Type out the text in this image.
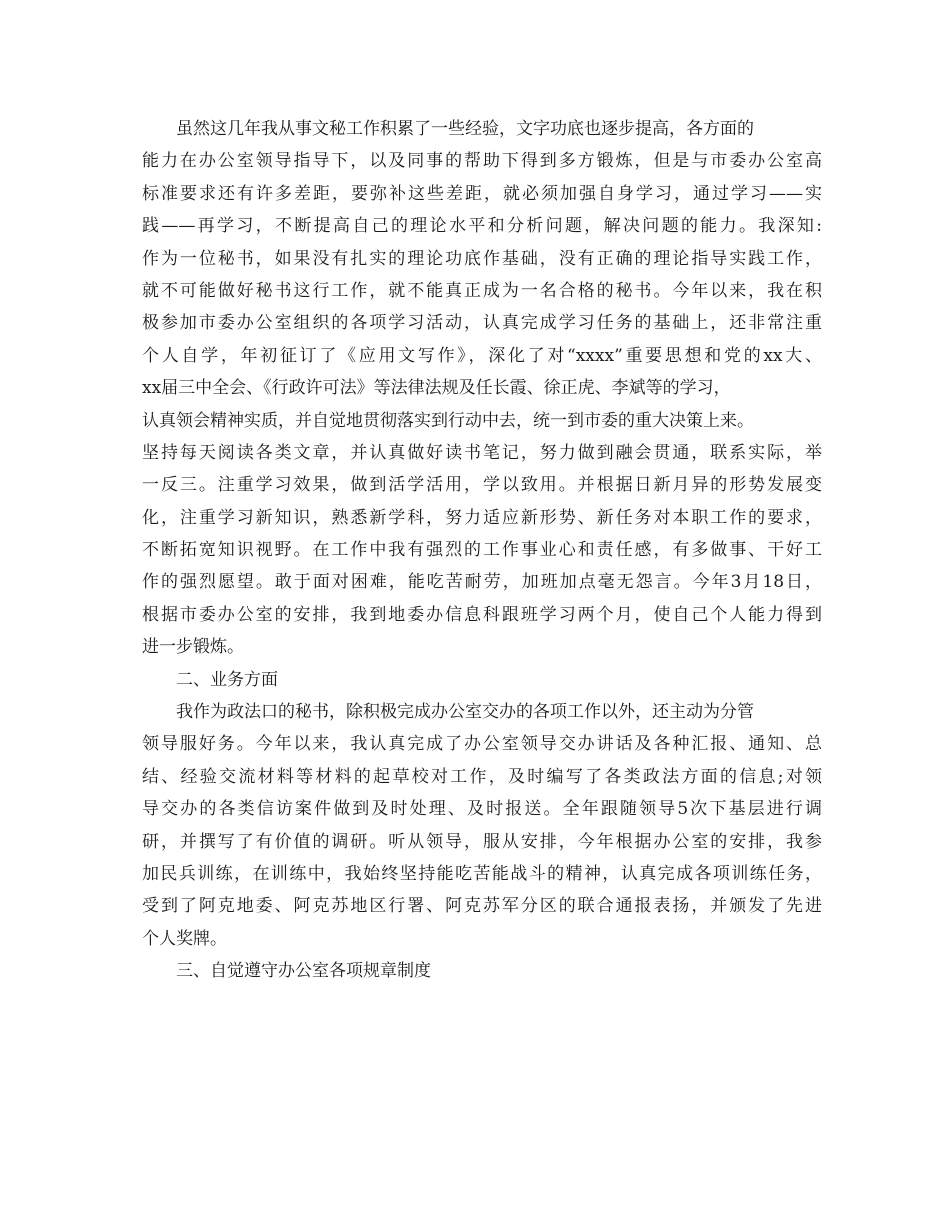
虽然这几年我从事文秘工作积累了一些经验，文字功底也逐步提高，各方面的
能力在办公室领导指导下，以及同事的帮助下得到多方锻炼，但是与市委办公室高
标准要求还有许多差距，要弥补这些差距，就必须加强自身学习，通过学习——实
践——再学习，不断提高自己的理论水平和分析问题，解决问题的能力。我深知:
作为一位秘书，如果没有扎实的理论功底作基础，没有正确的理论指导实践工作，
就不可能做好秘书这行工作，就不能真正成为一名合格的秘书。今年以来，我在积
极参加市委办公室组织的各项学习活动，认真完成学习任务的基础上，还非常注重
个人自学，年初征订了《应用文写作》，深化了对“xxxx”重要思想和党的xx大、
xx届三中全会、《行政许可法》等法律法规及任长霞、徐正虎、李斌等的学习，
认真领会精神实质，并自觉地贯彻落实到行动中去，统一到市委的重大决策上来。
坚持每天阅读各类文章，并认真做好读书笔记，努力做到融会贯通，联系实际，举
一反三。注重学习效果，做到活学活用，学以致用。并根据日新月异的形势发展变
化，注重学习新知识，熟悉新学科，努力适应新形势、新任务对本职工作的要求，
不断拓宽知识视野。在工作中我有强烈的工作事业心和责任感，有多做事、干好工
作的强烈愿望。敢于面对困难，能吃苦耐劳，加班加点毫无怨言。今年3月18日，
根据市委办公室的安排，我到地委办信息科跟班学习两个月，使自己个人能力得到
进一步锻炼。
二、业务方面
我作为政法口的秘书，除积极完成办公室交办的各项工作以外，还主动为分管
领导服好务。今年以来，我认真完成了办公室领导交办讲话及各种汇报、通知、总
结、经验交流材料等材料的起草校对工作，及时编写了各类政法方面的信息;对领
导交办的各类信访案件做到及时处理、及时报送。全年跟随领导5次下基层进行调
研，并撰写了有价值的调研。听从领导，服从安排，今年根据办公室的安排，我参
加民兵训练，在训练中，我始终坚持能吃苦能战斗的精神，认真完成各项训练任务，
受到了阿克地委、阿克苏地区行署、阿克苏军分区的联合通报表扬，并颁发了先进
个人奖牌。
三、自觉遵守办公室各项规章制度
